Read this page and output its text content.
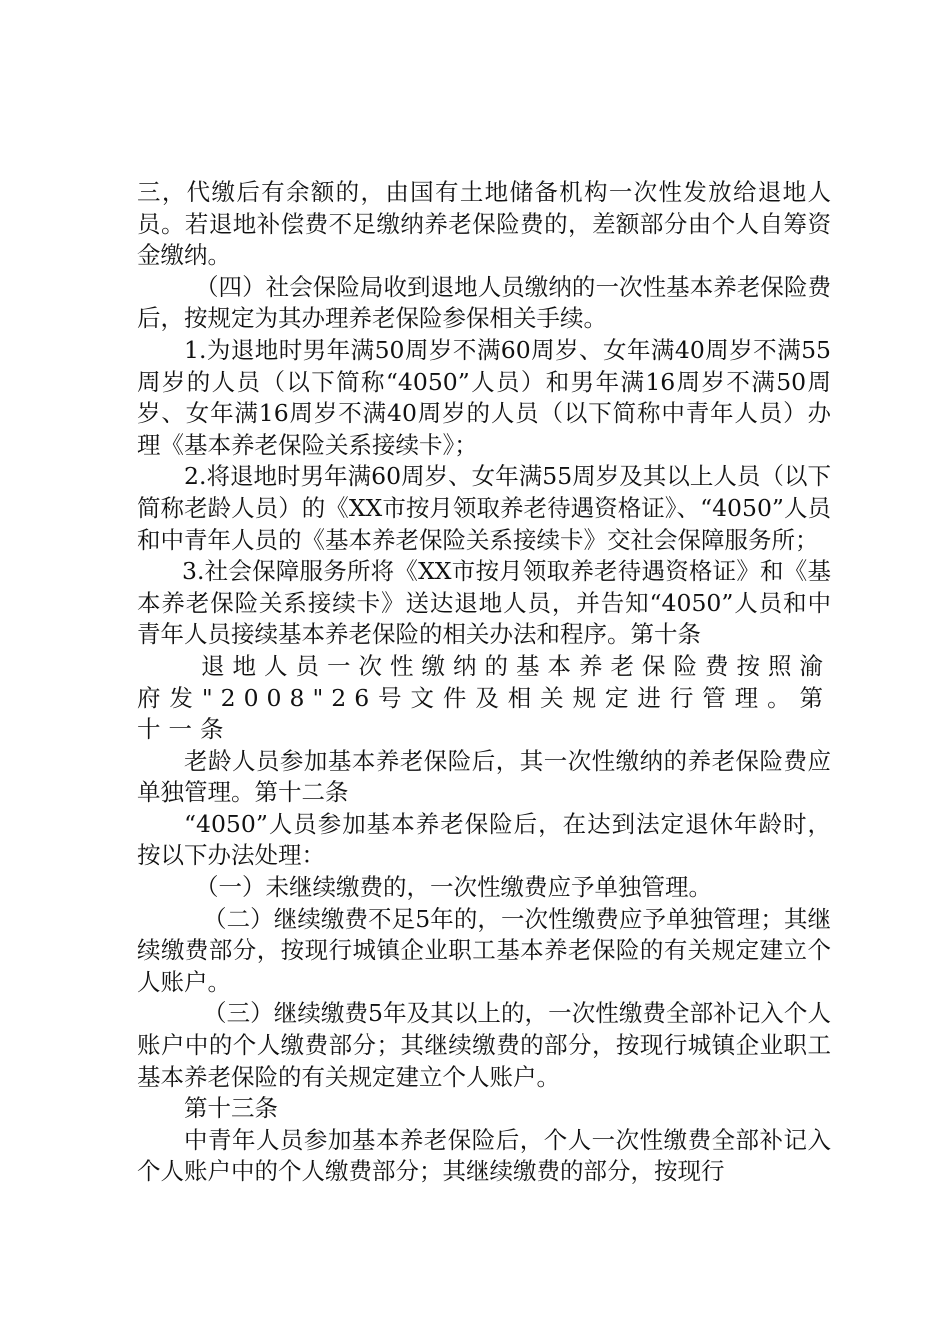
三，代缴后有余额的，由国有土地储备机构一次性发放给退地人员。若退地补偿费不足缴纳养老保险费的，差额部分由个人自筹资金缴纳。

（四）社会保险局收到退地人员缴纳的一次性基本养老保险费后，按规定为其办理养老保险参保相关手续。

1.为退地时男年满50周岁不满60周岁、女年满40周岁不满55周岁的人员（以下简称“4050”人员）和男年满16周岁不满50周岁、女年满16周岁不满40周岁的人员（以下简称中青年人员）办理《基本养老保险关系接续卡》；

2.将退地时男年满60周岁、女年满55周岁及其以上人员（以下简称老龄人员）的《XX市按月领取养老待遇资格证》、“4050”人员和中青年人员的《基本养老保险关系接续卡》交社会保障服务所；

3.社会保障服务所将《XX市按月领取养老待遇资格证》和《基本养老保险关系接续卡》送达退地人员，并告知“4050”人员和中青年人员接续基本养老保险的相关办法和程序。第十条

退地人员一次性缴纳的基本养老保险费按照渝府发"2008"26号文件及相关规定进行管理。第十一条

老龄人员参加基本养老保险后，其一次性缴纳的养老保险费应单独管理。第十二条

“4050”人员参加基本养老保险后，在达到法定退休年龄时，按以下办法处理：

（一）未继续缴费的，一次性缴费应予单独管理。

（二）继续缴费不足5年的，一次性缴费应予单独管理；其继续缴费部分，按现行城镇企业职工基本养老保险的有关规定建立个人账户。

（三）继续缴费5年及其以上的，一次性缴费全部补记入个人账户中的个人缴费部分；其继续缴费的部分，按现行城镇企业职工基本养老保险的有关规定建立个人账户。

第十三条

中青年人员参加基本养老保险后，个人一次性缴费全部补记入个人账户中的个人缴费部分；其继续缴费的部分，按现行
